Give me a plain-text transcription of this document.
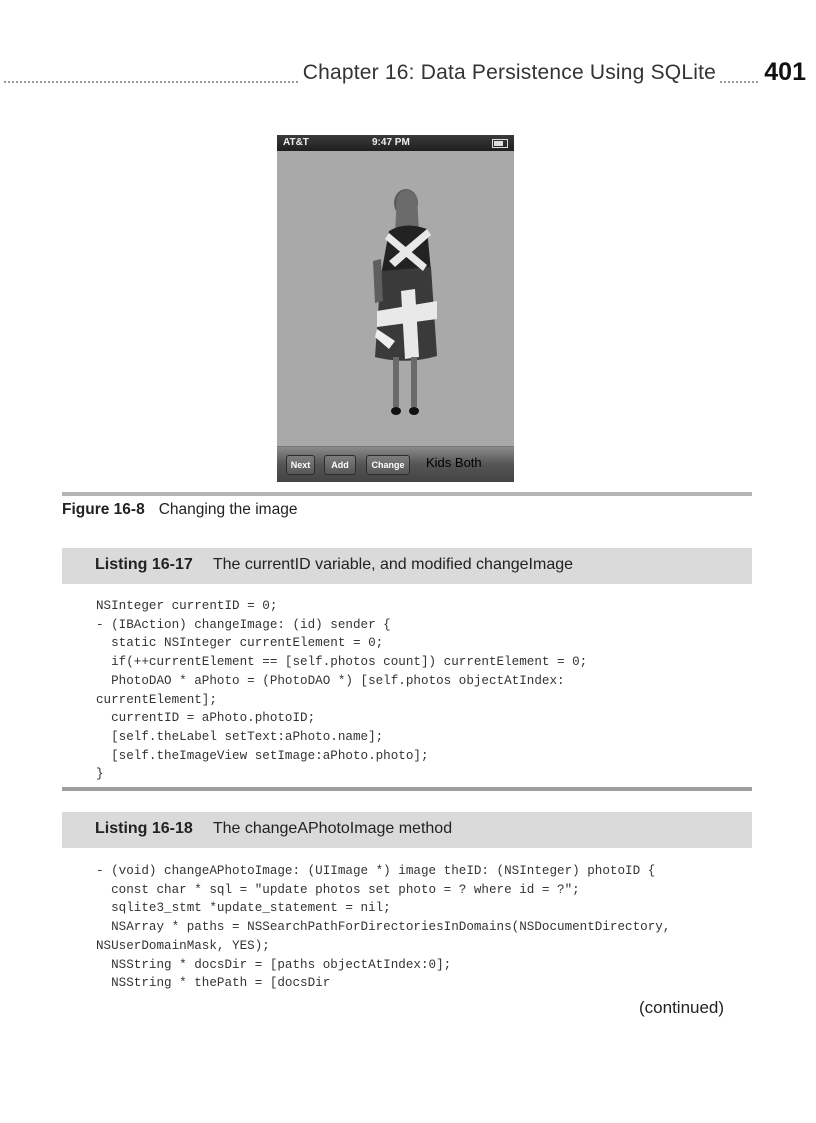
Chapter 16: Data Persistence Using SQLite 401
AT&T	9:47 PM
Next	Add	Change	Kids Both
Figure 16-8 Changing the image
Listing 16-17 The currentID variable, and modified changeImage
NSInteger currentID = 0;
- (IBAction) changeImage: (id) sender {
static NSInteger currentElement = 0;
if(++currentElement == [self.photos count]) currentElement = 0;
PhotoDAO * aPhoto = (PhotoDAO *) [self.photos objectAtIndex:
currentElement];
currentID = aPhoto.photoID;
[self.theLabel setText:aPhoto.name];
[self.theImageView setImage:aPhoto.photo];
}
Listing 16-18 The changeAPhotoImage method
- (void) changeAPhotoImage: (UIImage *) image theID: (NSInteger) photoID {
const char * sql = "update photos set photo = ? where id = ?";
sqlite3_stmt *update_statement = nil;
NSArray * paths = NSSearchPathForDirectoriesInDomains(NSDocumentDirectory,
NSUserDomainMask, YES);
NSString * docsDir = [paths objectAtIndex:0];
NSString * thePath = [docsDir
(continued)
